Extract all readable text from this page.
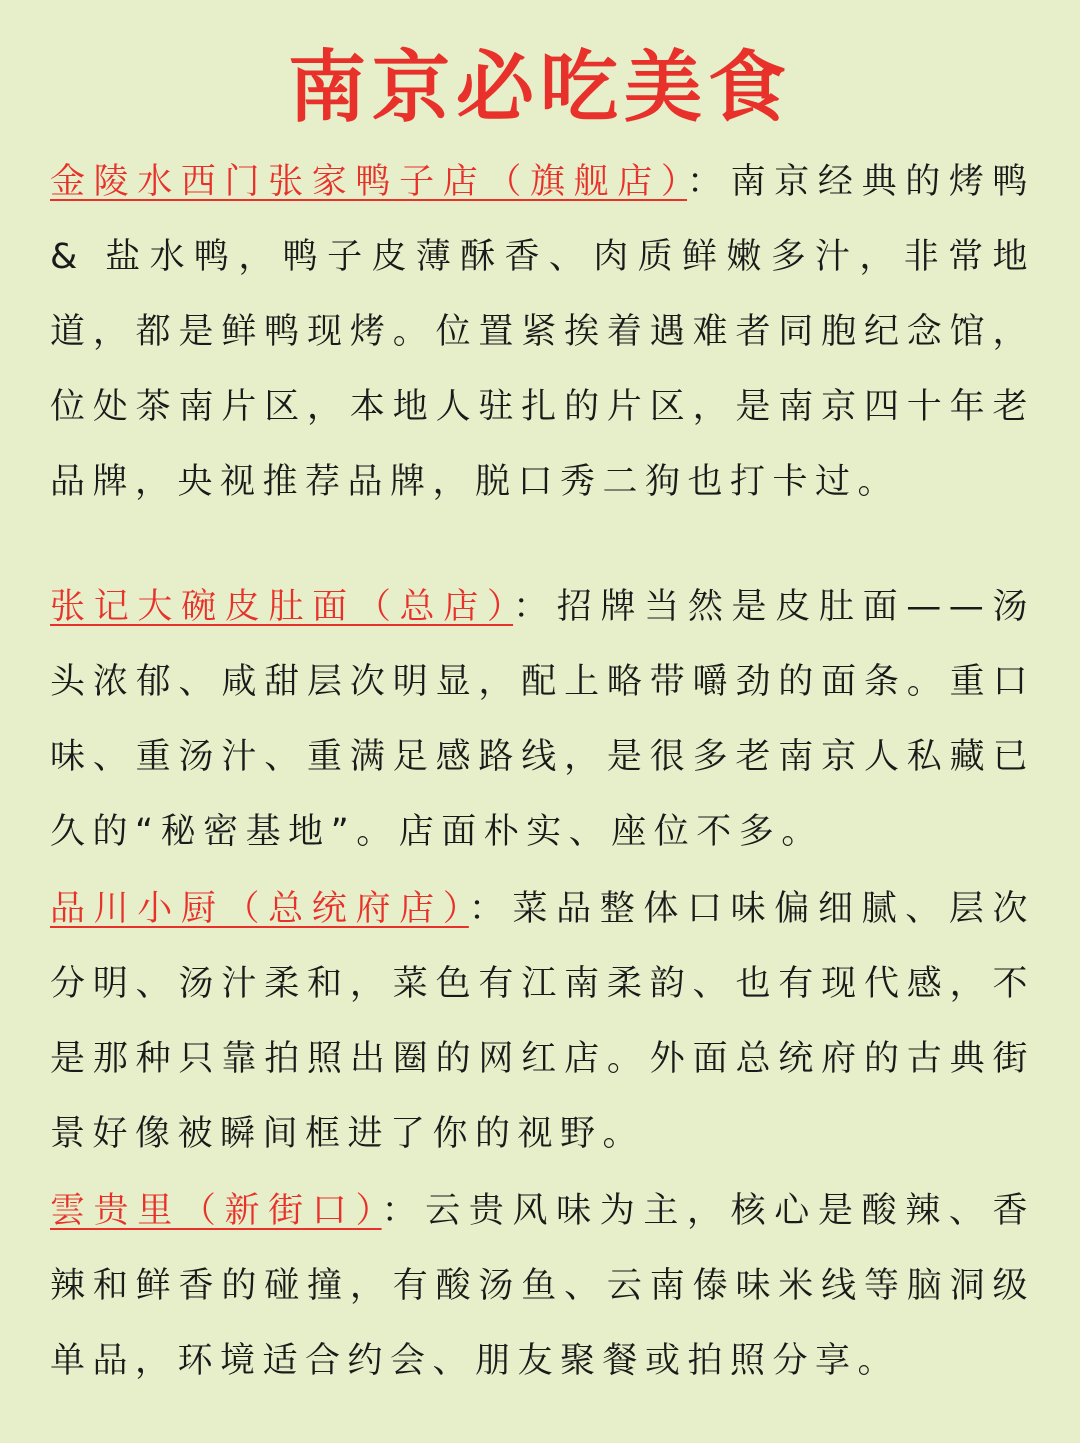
南京必吃美食

金陵水西门张家鸭子店（旗舰店）：南京经典的烤鸭 & 盐水鸭，鸭子皮薄酥香、肉质鲜嫩多汁，非常地道，都是鲜鸭现烤。位置紧挨着遇难者同胞纪念馆，位处茶南片区，本地人驻扎的片区，是南京四十年老品牌，央视推荐品牌，脱口秀二狗也打卡过。

张记大碗皮肚面（总店）：招牌当然是皮肚面——汤头浓郁、咸甜层次明显，配上略带嚼劲的面条。重口味、重汤汁、重满足感路线，是很多老南京人私藏已久的“秘密基地”。店面朴实、座位不多。

品川小厨（总统府店）：菜品整体口味偏细腻、层次分明、汤汁柔和，菜色有江南柔韵、也有现代感，不是那种只靠拍照出圈的网红店。外面总统府的古典街景好像被瞬间框进了你的视野。

雲贵里（新街口）：云贵风味为主，核心是酸辣、香辣和鲜香的碰撞，有酸汤鱼、云南傣味米线等脑洞级单品，环境适合约会、朋友聚餐或拍照分享。
